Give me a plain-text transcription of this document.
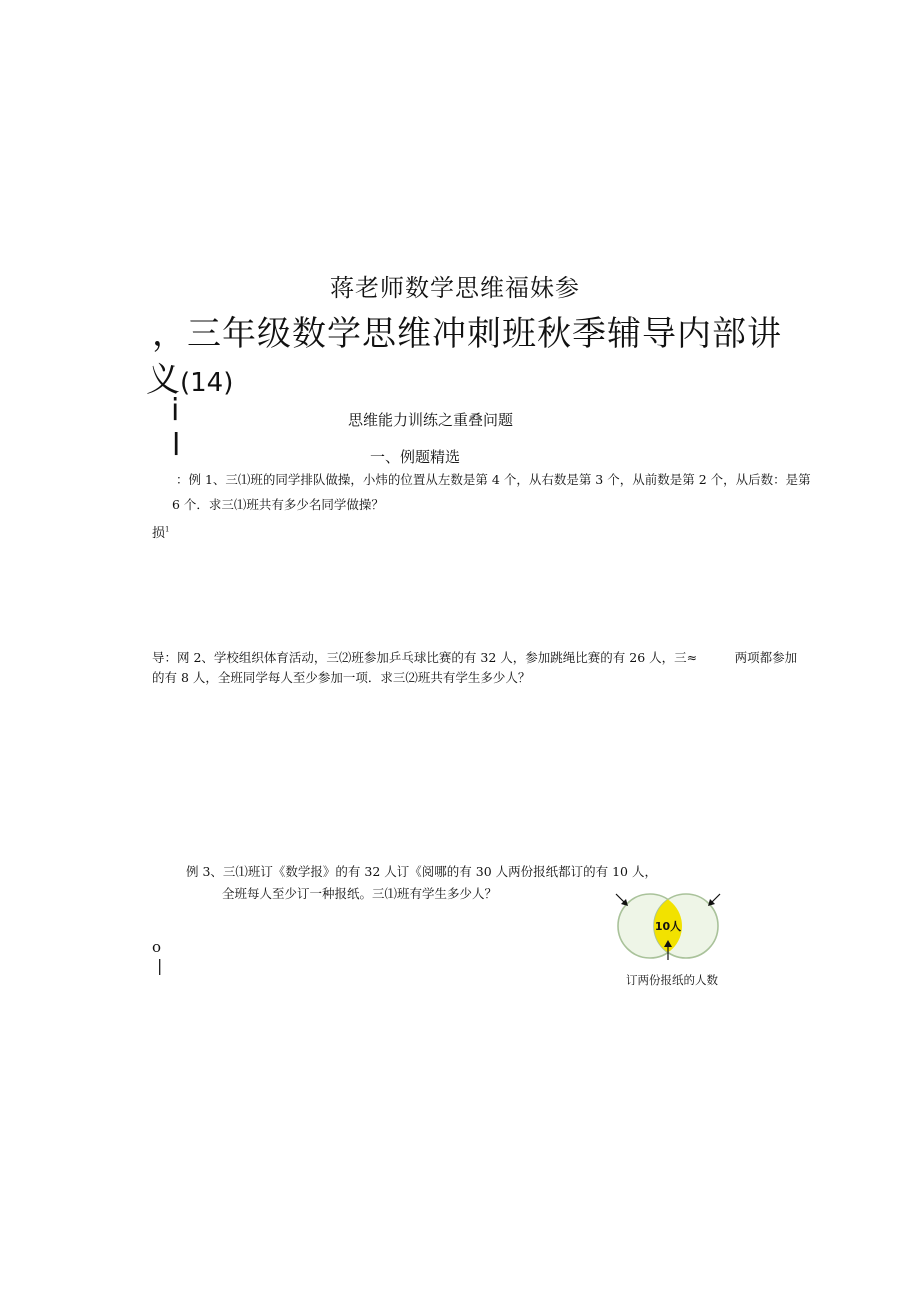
蒋老师数学思维福妹参
，三年级数学思维冲刺班秋季辅导内部讲
义(14)
i
l
思维能力训练之重叠问题
一、例题精选
：例 1、三⑴班的同学排队做操，小炜的位置从左数是第 4 个，从右数是第 3 个，从前数是第 2 个，从后数：是第
6 个．求三⑴班共有多少名同学做操？
损$^1$
导：网 2、学校组织体育活动，三⑵班参加乒乓球比赛的有 32 人，参加跳绳比赛的有 26 人，三≈　　　两项都参加
的有 8 人，全班同学每人至少参加一项．求三⑵班共有学生多少人？
例 3、三⑴班订《数学报》的有 32 人订《阅哪的有 30 人两份报纸都订的有 10 人，
全班每人至少订一种报纸。三⑴班有学生多少人？
o
|
10人
订两份报纸的人数
